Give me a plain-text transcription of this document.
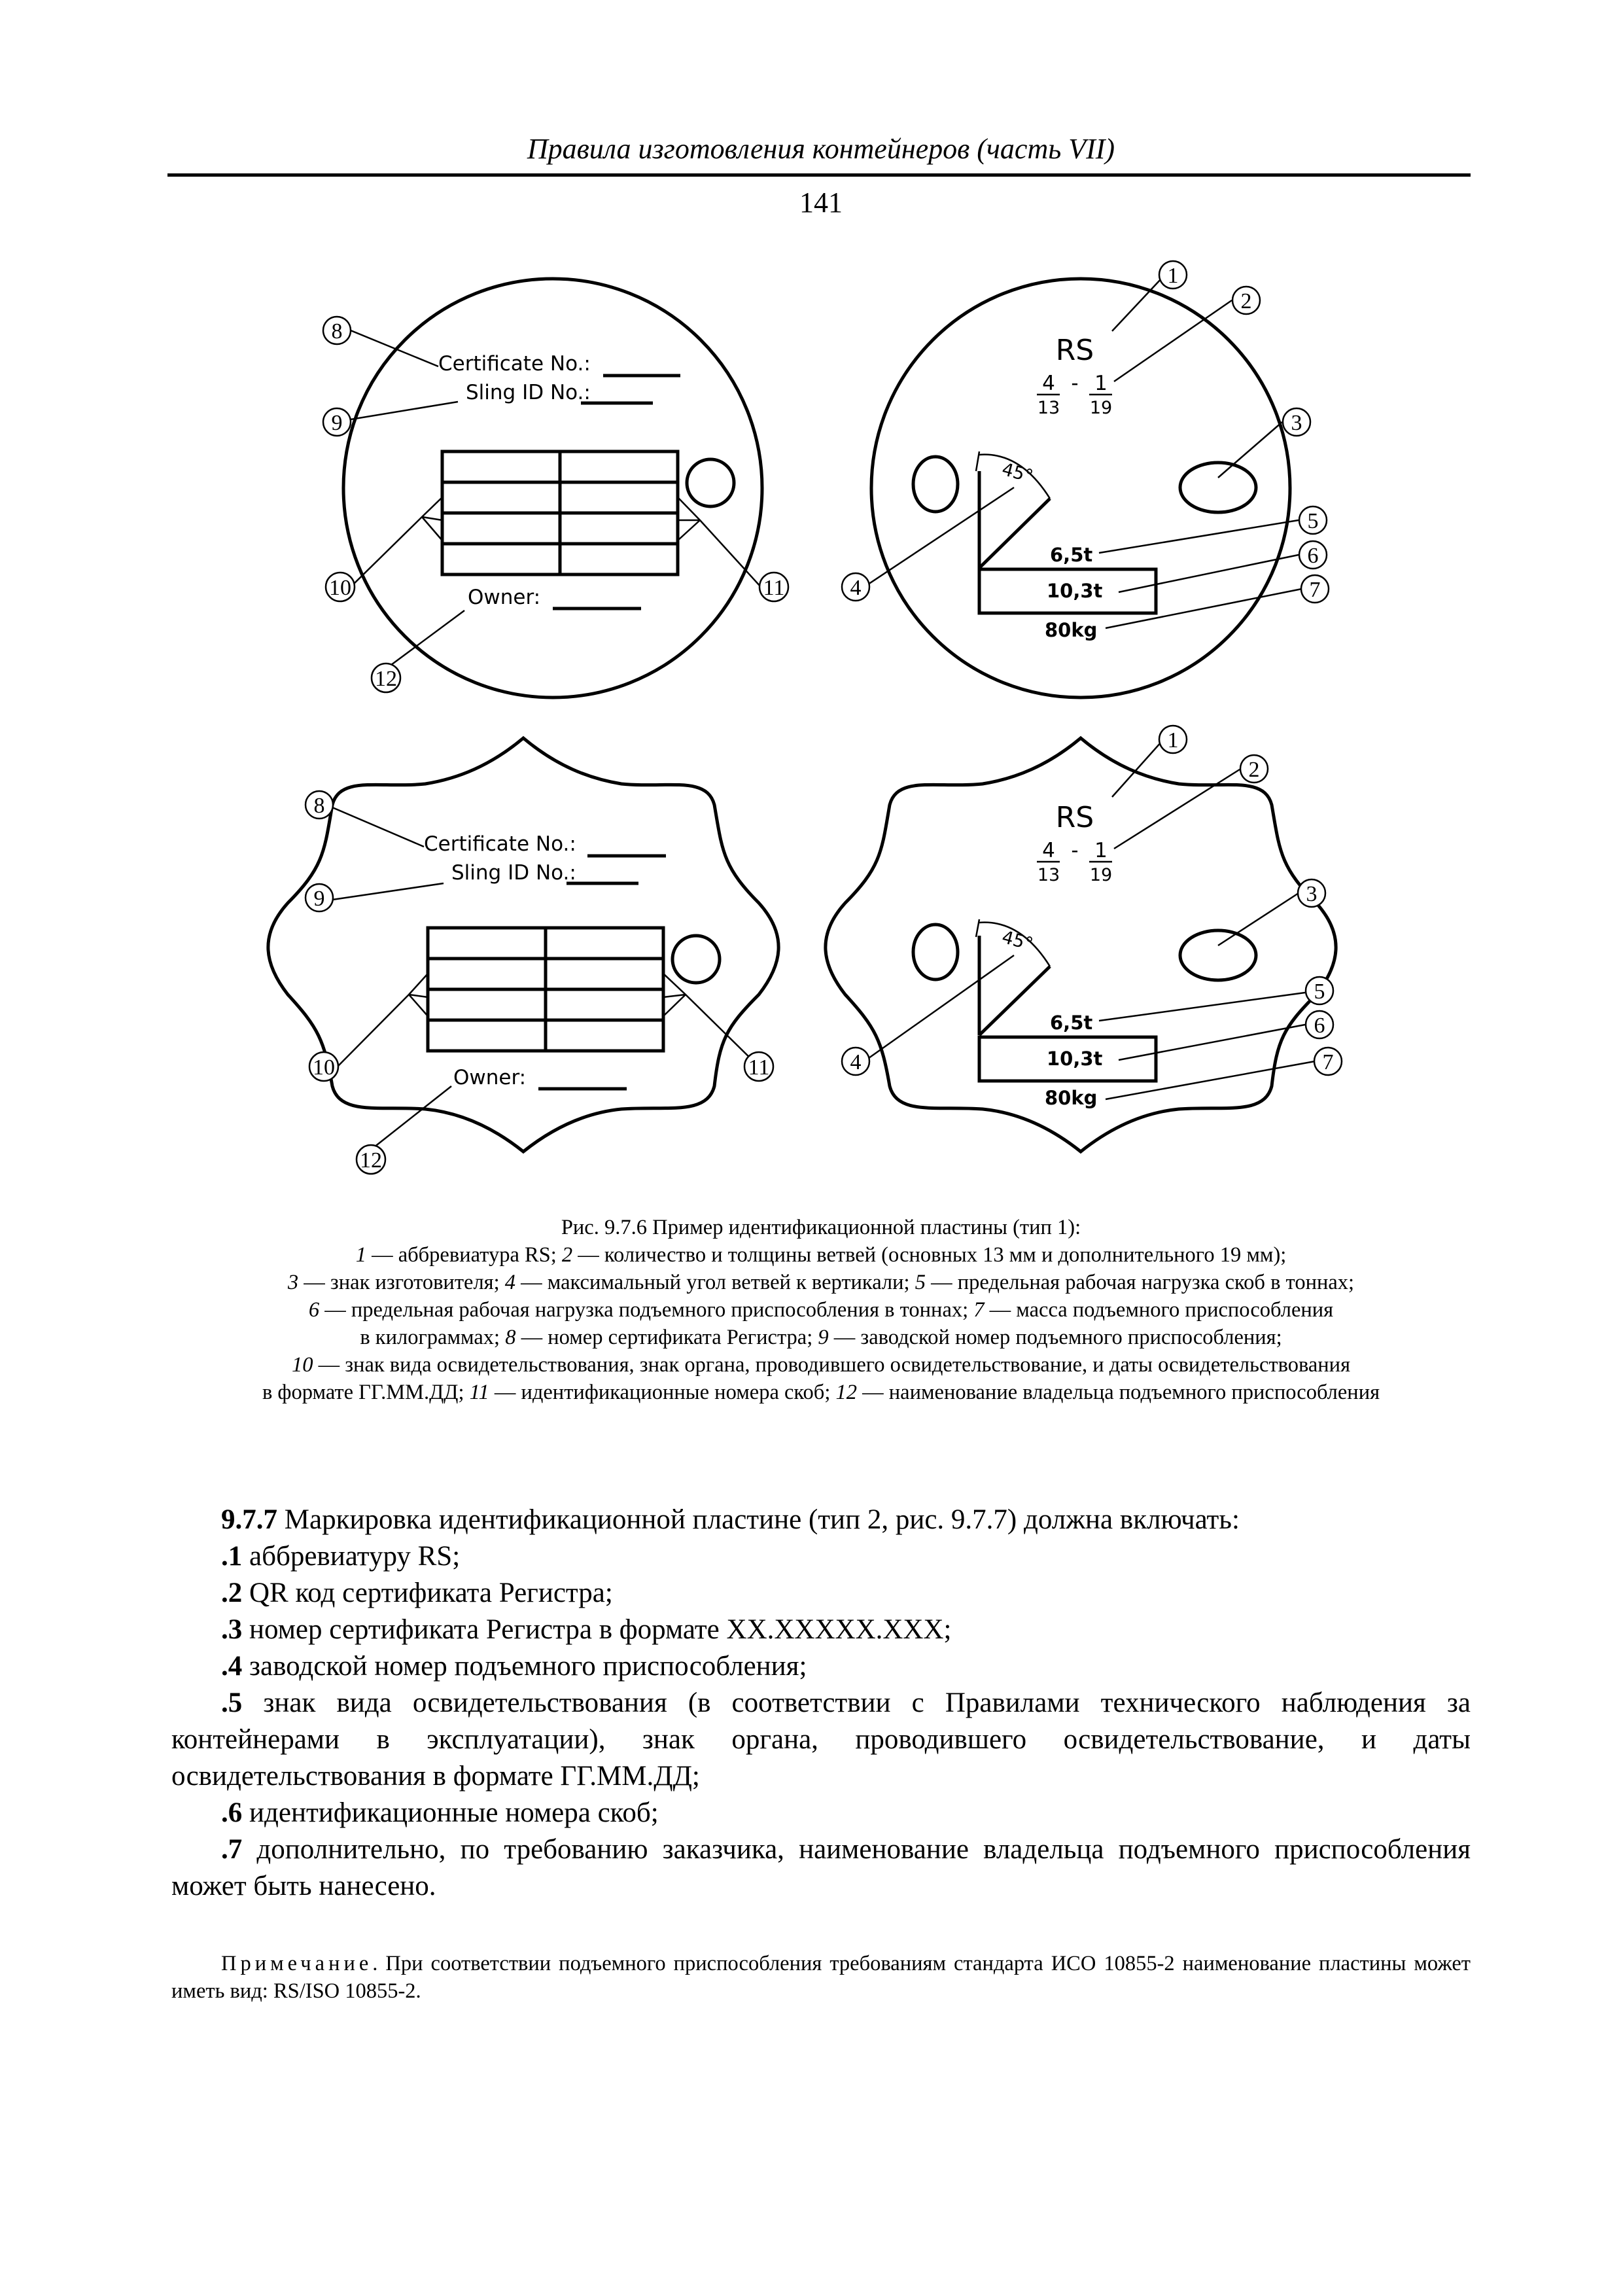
Правила изготовления контейнеров (часть VII)
141
Certificate No.:
Sling ID No.:
Owner:
RS
4 - 1
13 19
45°
6,5t
10,3t
80kg
Certificate No.:
Sling ID No.:
Owner:
RS
4 - 1
13 19
45°
6,5t
10,3t
80kg
8
9
10	11
12
1
2
3
4
5
6
7
8
9
10	11
12
1
2
3
4
5
6
7
Рис. 9.7.6 Пример идентификационной пластины (тип 1):
1 — аббревиатура RS; 2 — количество и толщины ветвей (основных 13 мм и дополнительного 19 мм);
3 — знак изготовителя; 4 — максимальный угол ветвей к вертикали; 5 — предельная рабочая нагрузка скоб в тоннах;
6 — предельная рабочая нагрузка подъемного приспособления в тоннах; 7 — масса подъемного приспособления
в килограммах; 8 — номер сертификата Регистра; 9 — заводской номер подъемного приспособления;
10 — знак вида освидетельствования, знак органа, проводившего освидетельствование, и даты освидетельствования
в формате ГГ.ММ.ДД; 11 — идентификационные номера скоб; 12 — наименование владельца подъемного приспособления

9.7.7 Маркировка идентификационной пластине (тип 2, рис. 9.7.7) должна включать:

.1 аббревиатуру RS;

.2 QR код сертификата Регистра;

.3 номер сертификата Регистра в формате XX.XXXXX.XXX;

.4 заводской номер подъемного приспособления;

.5 знак вида освидетельствования (в соответствии с Правилами технического наблюдения за контейнерами в эксплуатации), знак органа, проводившего освидетельствование, и даты освидетельствования в формате ГГ.ММ.ДД;

.6 идентификационные номера скоб;

.7 дополнительно, по требованию заказчика, наименование владельца подъемного приспособления может быть нанесено.

Примечание. При соответствии подъемного приспособления требованиям стандарта ИСО 10855-2 наименование пластины может иметь вид: RS/ISO 10855-2.
